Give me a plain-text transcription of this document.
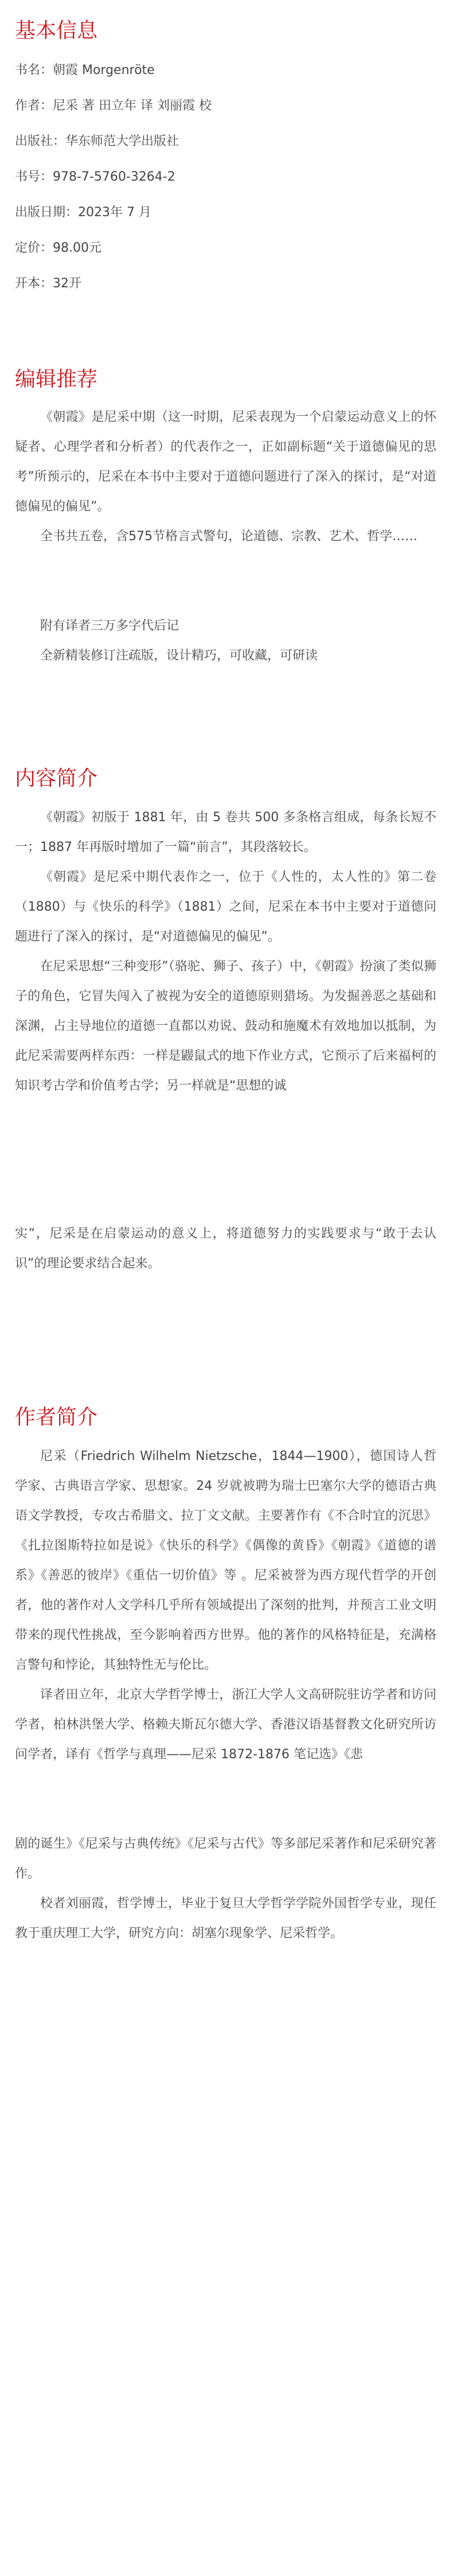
基本信息

书名：朝霞 Morgenröte

作者：尼采 著 田立年 译 刘丽霞 校

出版社：华东师范大学出版社

书号：978-7-5760-3264-2

出版日期：2023年 7 月

定价：98.00元

开本：32开

编辑推荐

《朝霞》是尼采中期（这一时期，尼采表现为一个启蒙运动意义上的怀疑者、心理学者和分析者）的代表作之一，正如副标题“关于道德偏见的思考”所预示的，尼采在本书中主要对于道德问题进行了深入的探讨，是“对道德偏见的偏见”。

全书共五卷，含575节格言式警句，论道德、宗教、艺术、哲学……

附有译者三万多字代后记

全新精装修订注疏版，设计精巧，可收藏，可研读

内容简介

《朝霞》初版于 1881 年，由 5 卷共 500 多条格言组成，每条长短不一；1887 年再版时增加了一篇“前言”，其段落较长。

《朝霞》是尼采中期代表作之一，位于《人性的，太人性的》第二卷（1880）与《快乐的科学》（1881）之间，尼采在本书中主要对于道德问题进行了深入的探讨，是“对道德偏见的偏见”。

在尼采思想“三种变形”（骆驼、狮子、孩子）中，《朝霞》扮演了类似狮子的角色，它冒失闯入了被视为安全的道德原则猎场。为发掘善恶之基础和深渊，占主导地位的道德一直都以劝说、鼓动和施魔术有效地加以抵制，为此尼采需要两样东西：一样是鼹鼠式的地下作业方式，它预示了后来福柯的知识考古学和价值考古学；另一样就是“思想的诚

实”，尼采是在启蒙运动的意义上，将道德努力的实践要求与“敢于去认识”的理论要求结合起来。

作者简介

尼采（Friedrich Wilhelm Nietzsche，1844—1900），德国诗人哲学家、古典语言学家、思想家。24 岁就被聘为瑞士巴塞尔大学的德语古典语文学教授，专攻古希腊文、拉丁文文献。主要著作有《不合时宜的沉思》《扎拉图斯特拉如是说》《快乐的科学》《偶像的黄昏》《朝霞》《道德的谱系》《善恶的彼岸》《重估一切价值》等 。尼采被誉为西方现代哲学的开创者，他的著作对人文学科几乎所有领域提出了深刻的批判，并预言工业文明带来的现代性挑战，至今影响着西方世界。他的著作的风格特征是，充满格言警句和悖论，其独特性无与伦比。

译者田立年，北京大学哲学博士，浙江大学人文高研院驻访学者和访问学者，柏林洪堡大学、格赖夫斯瓦尔德大学、香港汉语基督教文化研究所访问学者，译有《哲学与真理——尼采 1872-1876 笔记选》《悲

剧的诞生》《尼采与古典传统》《尼采与古代》等多部尼采著作和尼采研究著作。

校者刘丽霞，哲学博士，毕业于复旦大学哲学学院外国哲学专业，现任教于重庆理工大学，研究方向：胡塞尔现象学、尼采哲学。
